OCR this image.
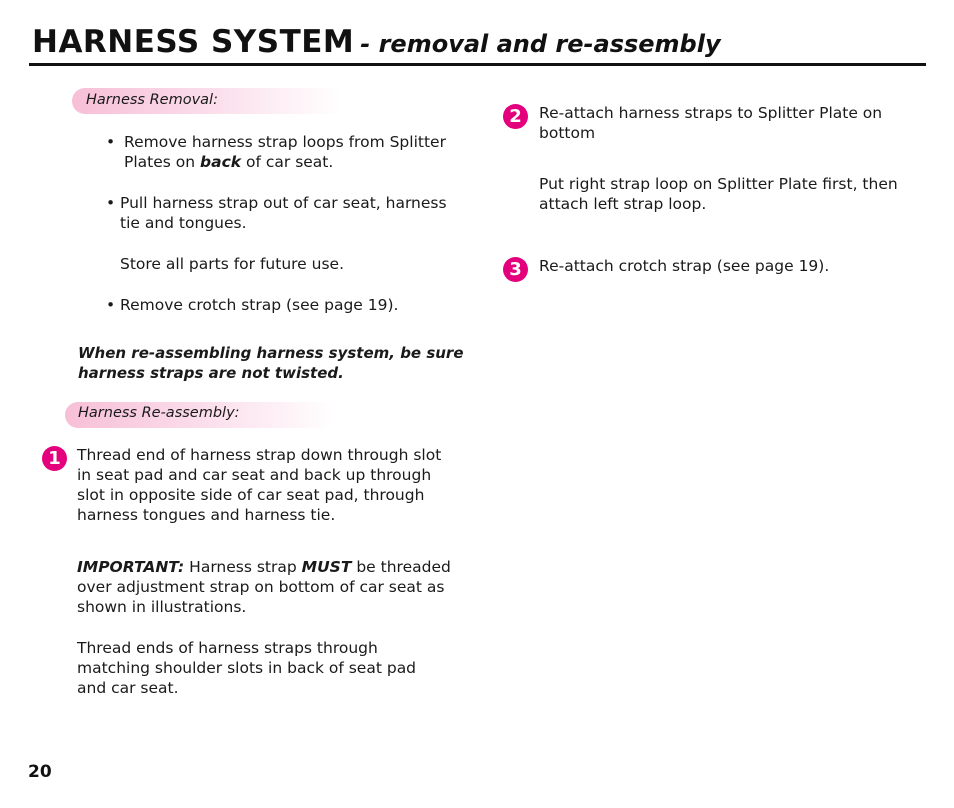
HARNESS SYSTEM - removal and re-assembly
Harness Removal:
• Remove harness strap loops from Splitter Plates on back of car seat.
• Pull harness strap out of car seat, harness
tie and tongues.
Store all parts for future use.
• Remove crotch strap (see page 19).
When re-assembling harness system, be sure
harness straps are not twisted.
Harness Re-assembly:
1	Thread end of harness strap down through slot in seat pad and car seat and back up through slot in opposite side of car seat pad, through harness tongues and harness tie.
IMPORTANT: Harness strap MUST be threaded over adjustment strap on bottom of car seat as shown in illustrations.
Thread ends of harness straps through matching shoulder slots in back of seat pad and car seat.
2	Re-attach harness straps to Splitter Plate on bottom
Put right strap loop on Splitter Plate first, then attach left strap loop.
3	Re-attach crotch strap (see page 19).
20
